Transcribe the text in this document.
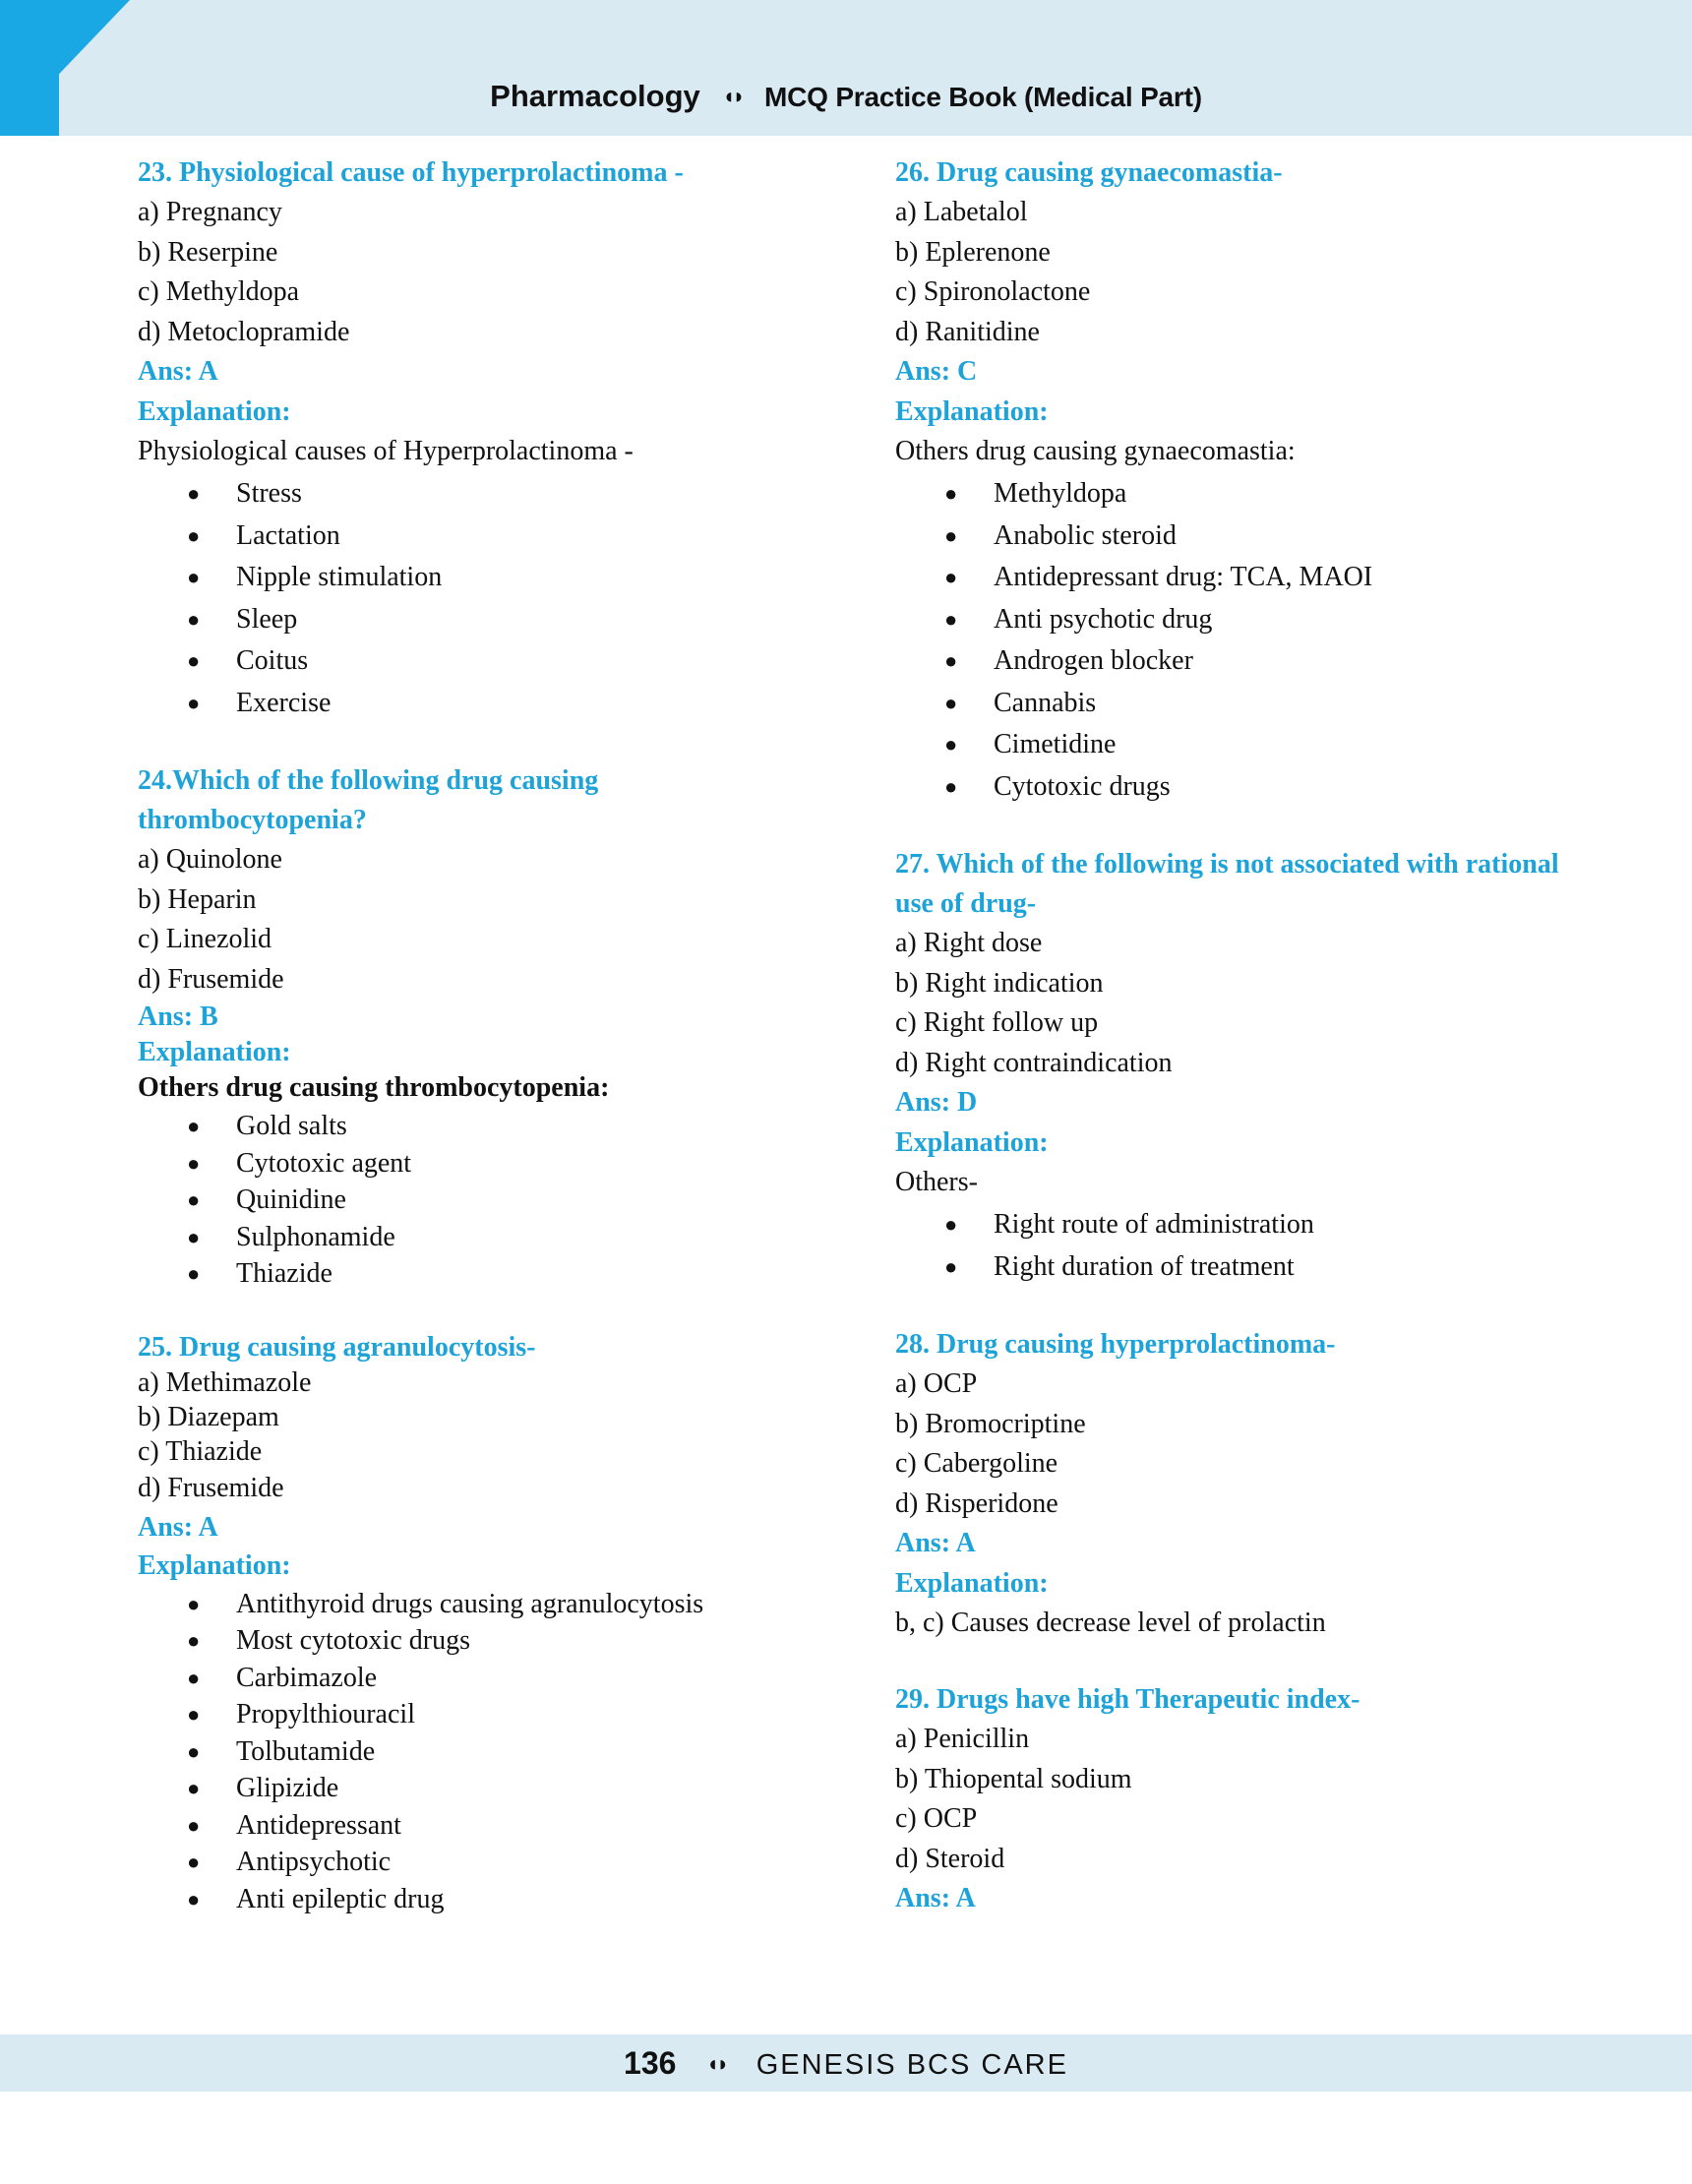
Pharmacology ◖◗ MCQ Practice Book (Medical Part)

23. Physiological cause of hyperprolactinoma -

a) Pregnancy

b) Reserpine

c) Methyldopa

d) Metoclopramide

Ans: A

Explanation:

Physiological causes of Hyperprolactinoma -

● Stress
● Lactation
● Nipple stimulation
● Sleep
● Coitus
● Exercise

24.Which of the following drug causing thrombocytopenia?

a) Quinolone

b) Heparin

c) Linezolid

d) Frusemide

Ans: B

Explanation:

Others drug causing thrombocytopenia:

● Gold salts
● Cytotoxic agent
● Quinidine
● Sulphonamide
● Thiazide

25. Drug causing agranulocytosis-

a) Methimazole

b) Diazepam

c) Thiazide

d) Frusemide

Ans: A

Explanation:

● Antithyroid drugs causing agranulocytosis
● Most cytotoxic drugs
● Carbimazole
● Propylthiouracil
● Tolbutamide
● Glipizide
● Antidepressant
● Antipsychotic
● Anti epileptic drug

26. Drug causing gynaecomastia-

a) Labetalol

b) Eplerenone

c) Spironolactone

d) Ranitidine

Ans: C

Explanation:

Others drug causing gynaecomastia:

● Methyldopa
● Anabolic steroid
● Antidepressant drug: TCA, MAOI
● Anti psychotic drug
● Androgen blocker
● Cannabis
● Cimetidine
● Cytotoxic drugs

27. Which of the following is not associated with rational use of drug-

a) Right dose

b) Right indication

c) Right follow up

d) Right contraindication

Ans: D

Explanation:

Others-

● Right route of administration
● Right duration of treatment

28. Drug causing hyperprolactinoma-

a) OCP

b) Bromocriptine

c) Cabergoline

d) Risperidone

Ans: A

Explanation:

b, c) Causes decrease level of prolactin

29. Drugs have high Therapeutic index-

a) Penicillin

b) Thiopental sodium

c) OCP

d) Steroid

Ans: A

136 ◖◗ GENESIS BCS CARE
